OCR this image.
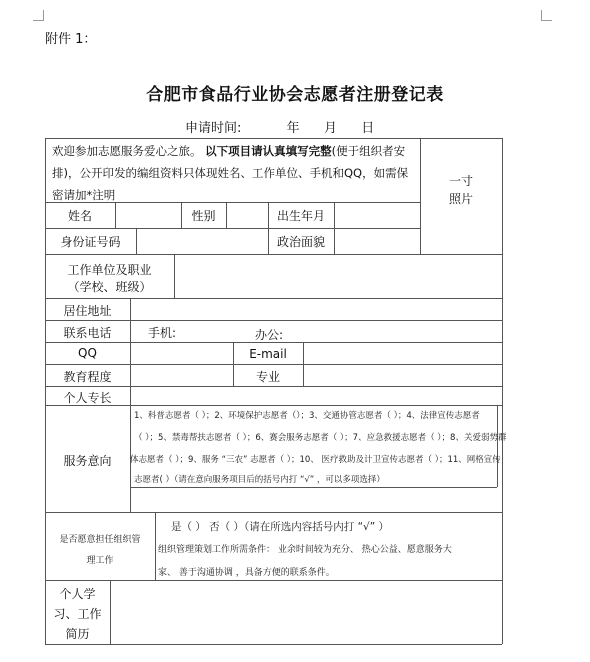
附件 1：
合肥市食品行业协会志愿者注册登记表
申请时间:	年 月 日
欢迎参加志愿服务爱心之旅。 以下项目请认真填写完整(便于组织者安排)，公开印发的编组资料只体现姓名、工作单位、手机和QQ，如需保密请加*注明
一寸
照片
姓名	性别	出生年月
身份证号码	政治面貌
工作单位及职业
（学校、班级）
居住地址
联系电话	手机:	办公:
QQ	E-mail
教育程度	专业
个人专长
服务意向
1、科普志愿者（ ）；2、环境保护志愿者（）；3、交通协管志愿者（ ）；4、法律宣传志愿者
（ ）；5、禁毒帮扶志愿者（ ）；6、赛会服务志愿者（ ）；7、应急救援志愿者（ ）；8、关爱弱势群
体志愿者（ ）；9、服务 “三农” 志愿者（ ）；10、 医疗救助及计卫宣传志愿者（ ）；11、网格宣传
志愿者( ）（请在意向服务项目后的括号内打 “√” ，可以多项选择）
是否愿意担任组织管
理工作
是（ ） 否（ ）（请在所选内容括号内打 “√” ）
组织管理策划工作所需条件： 业余时间较为充分、 热心公益、愿意服务大
家、 善于沟通协调 ，具备方便的联系条件。
个人学
习、工作
简历
